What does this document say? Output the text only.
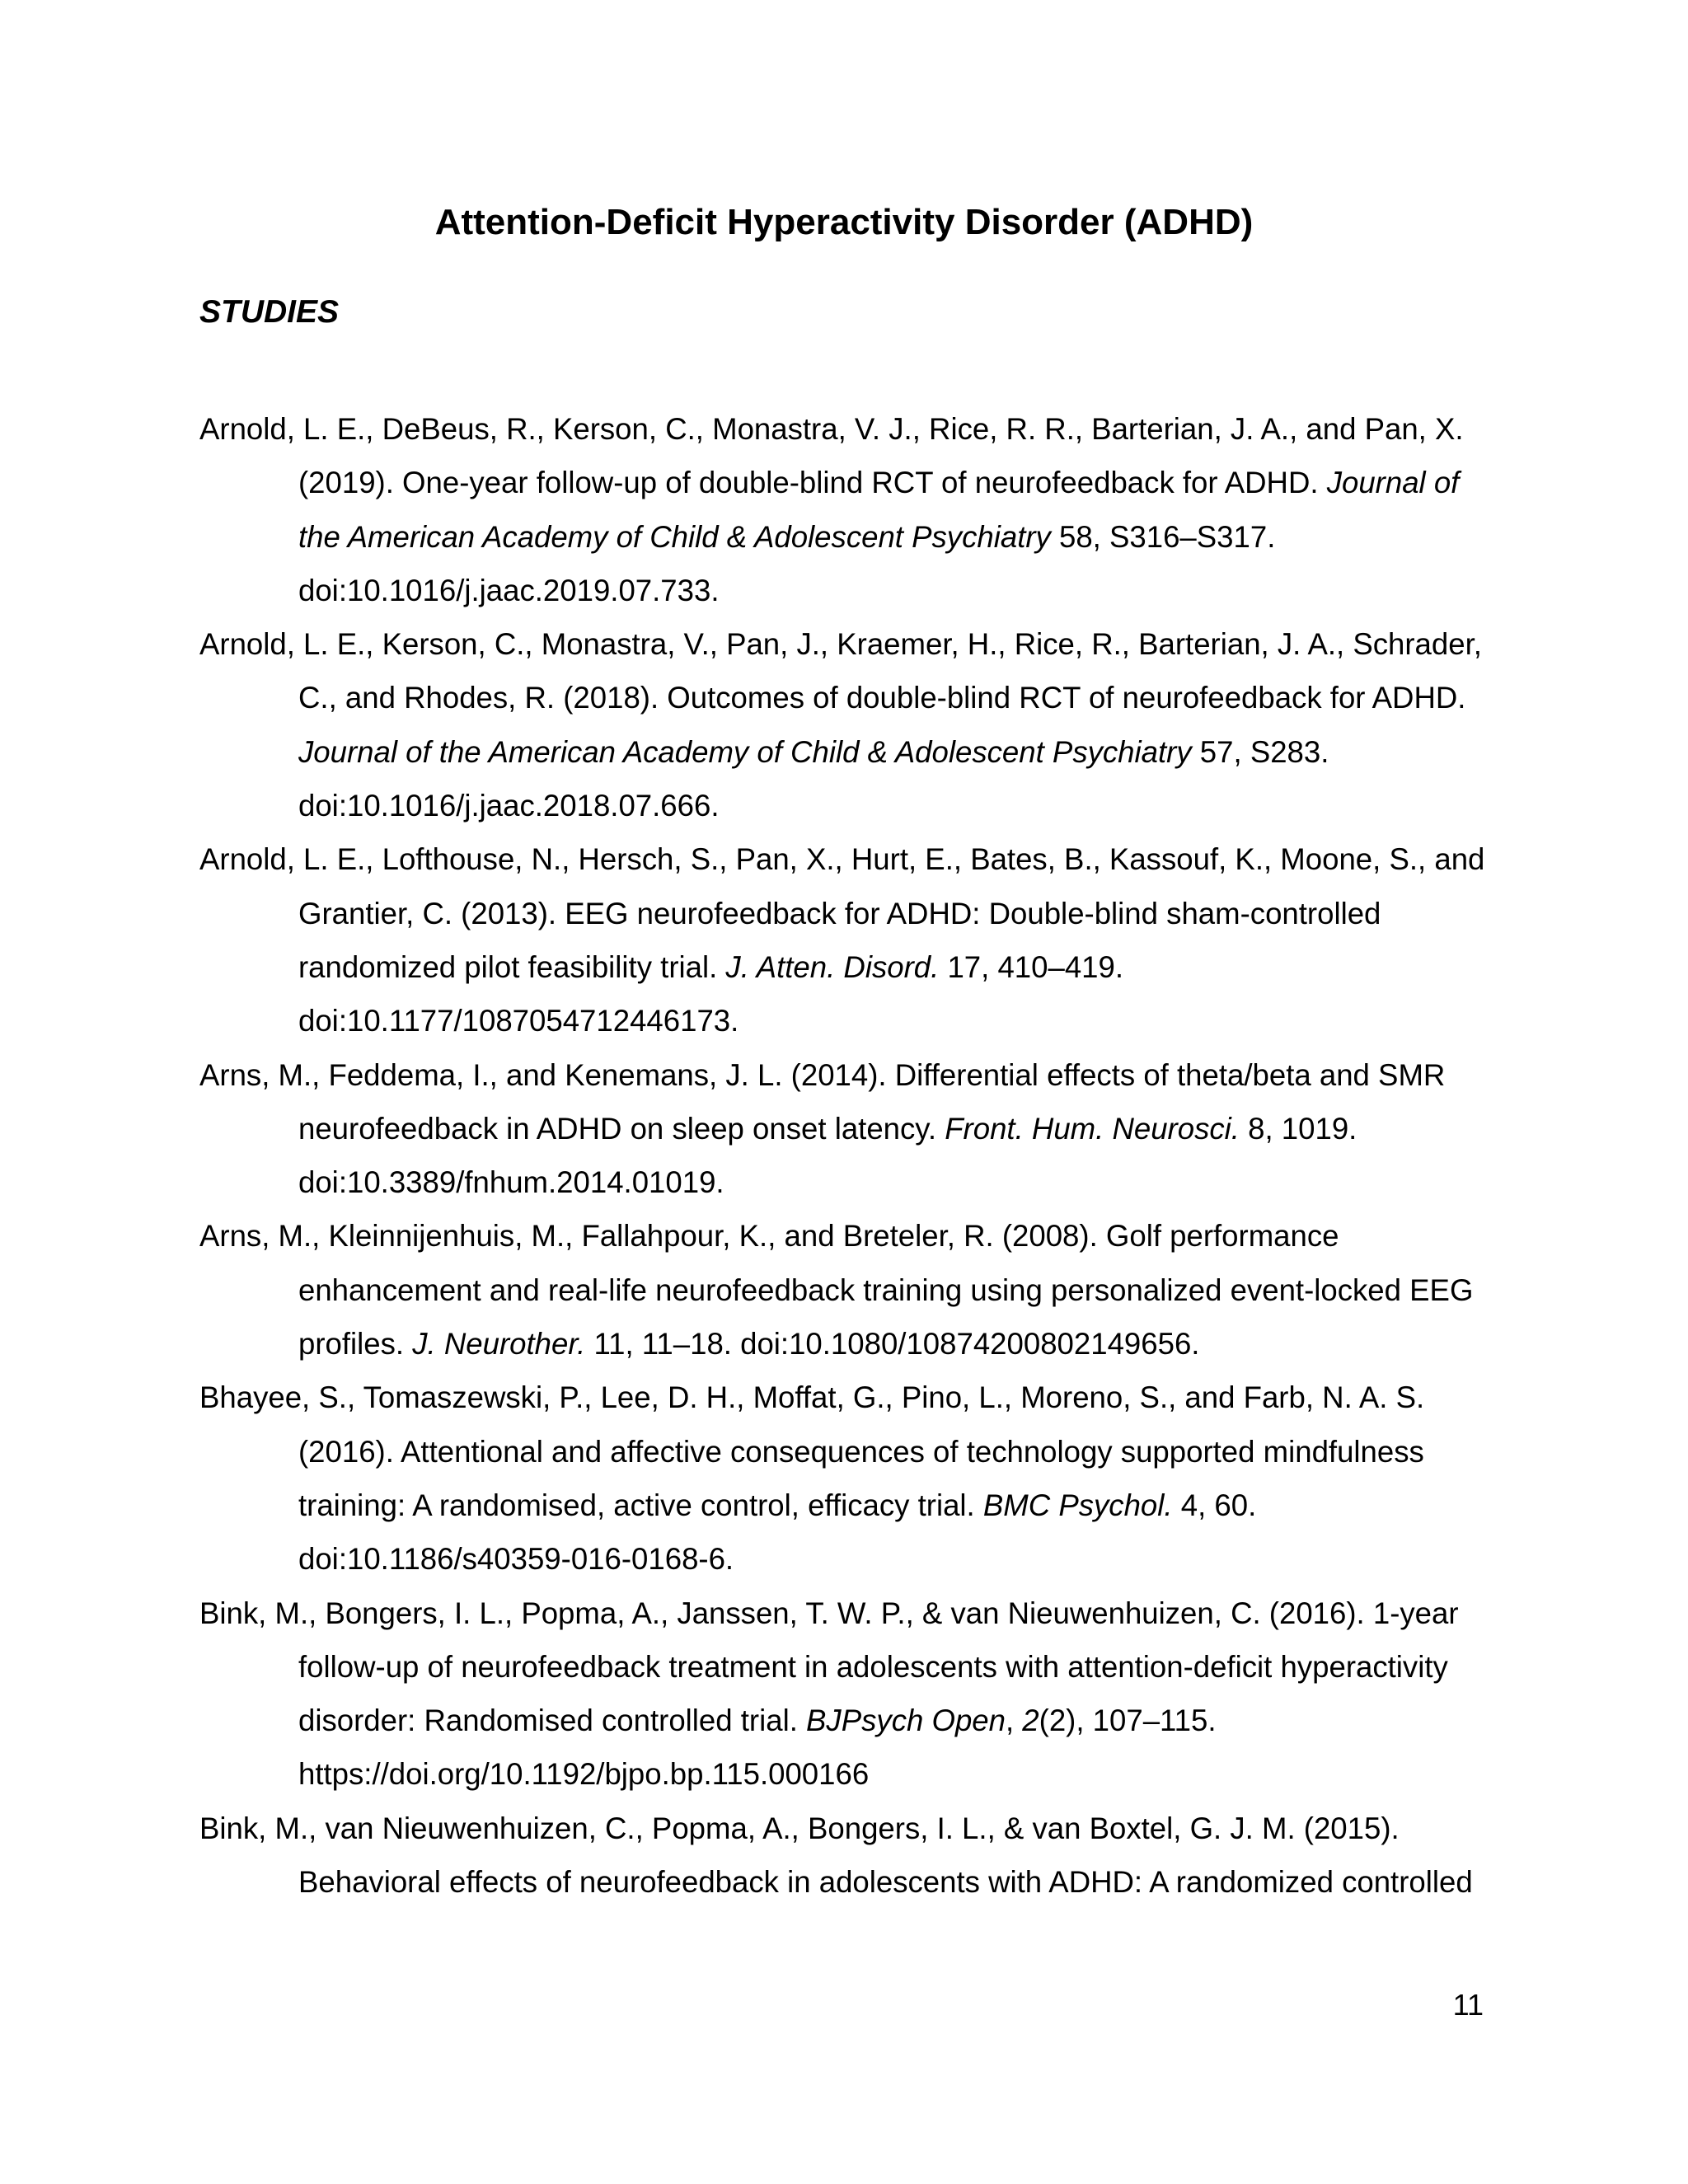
Attention-Deficit Hyperactivity Disorder (ADHD)
STUDIES
Arnold, L. E., DeBeus, R., Kerson, C., Monastra, V. J., Rice, R. R., Barterian, J. A., and Pan, X. (2019). One-year follow-up of double-blind RCT of neurofeedback for ADHD. Journal of the American Academy of Child & Adolescent Psychiatry 58, S316–S317. doi:10.1016/j.jaac.2019.07.733.
Arnold, L. E., Kerson, C., Monastra, V., Pan, J., Kraemer, H., Rice, R., Barterian, J. A., Schrader, C., and Rhodes, R. (2018). Outcomes of double-blind RCT of neurofeedback for ADHD. Journal of the American Academy of Child & Adolescent Psychiatry 57, S283. doi:10.1016/j.jaac.2018.07.666.
Arnold, L. E., Lofthouse, N., Hersch, S., Pan, X., Hurt, E., Bates, B., Kassouf, K., Moone, S., and Grantier, C. (2013). EEG neurofeedback for ADHD: Double-blind sham-controlled randomized pilot feasibility trial. J. Atten. Disord. 17, 410–419. doi:10.1177/1087054712446173.
Arns, M., Feddema, I., and Kenemans, J. L. (2014). Differential effects of theta/beta and SMR neurofeedback in ADHD on sleep onset latency. Front. Hum. Neurosci. 8, 1019. doi:10.3389/fnhum.2014.01019.
Arns, M., Kleinnijenhuis, M., Fallahpour, K., and Breteler, R. (2008). Golf performance enhancement and real-life neurofeedback training using personalized event-locked EEG profiles. J. Neurother. 11, 11–18. doi:10.1080/10874200802149656.
Bhayee, S., Tomaszewski, P., Lee, D. H., Moffat, G., Pino, L., Moreno, S., and Farb, N. A. S. (2016). Attentional and affective consequences of technology supported mindfulness training: A randomised, active control, efficacy trial. BMC Psychol. 4, 60. doi:10.1186/s40359-016-0168-6.
Bink, M., Bongers, I. L., Popma, A., Janssen, T. W. P., & van Nieuwenhuizen, C. (2016). 1-year follow-up of neurofeedback treatment in adolescents with attention-deficit hyperactivity disorder: Randomised controlled trial. BJPsych Open, 2(2), 107–115. https://doi.org/10.1192/bjpo.bp.115.000166
Bink, M., van Nieuwenhuizen, C., Popma, A., Bongers, I. L., & van Boxtel, G. J. M. (2015). Behavioral effects of neurofeedback in adolescents with ADHD: A randomized controlled
11
